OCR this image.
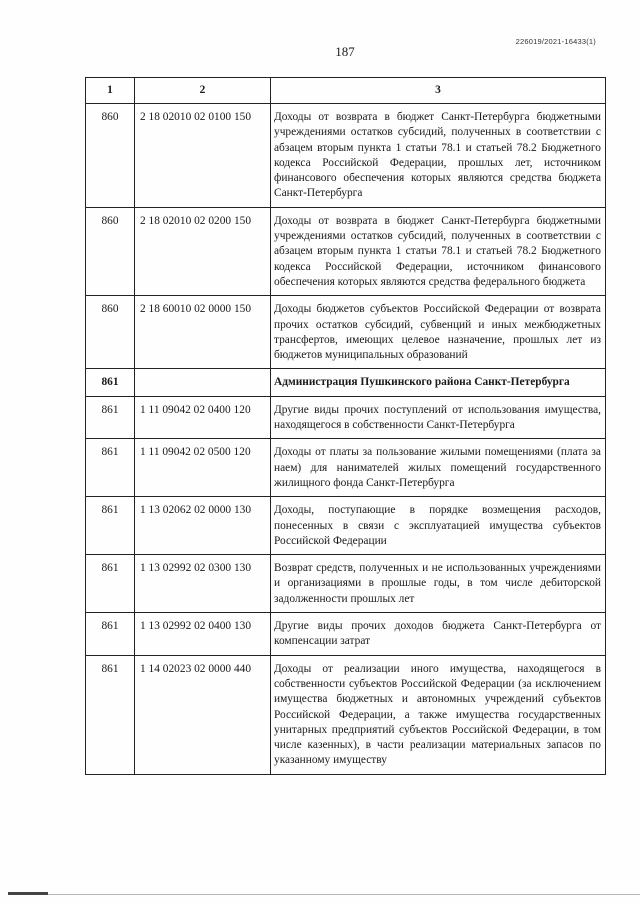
226019/2021-16433(1)
187
1	2	3
860	2 18 02010 02 0100 150	Доходы от возврата в бюджет Санкт-Петербурга бюджетными учреждениями остатков субсидий, полученных в соответствии с абзацем вторым пункта 1 статьи 78.1 и статьей 78.2 Бюджетного кодекса Российской Федерации, прошлых лет, источником финансового обеспечения которых являются средства бюджета Санкт-Петербурга
860	2 18 02010 02 0200 150	Доходы от возврата в бюджет Санкт-Петербурга бюджетными учреждениями остатков субсидий, полученных в соответствии с абзацем вторым пункта 1 статьи 78.1 и статьей 78.2 Бюджетного кодекса Российской Федерации, источником финансового обеспечения которых являются средства федерального бюджета
860	2 18 60010 02 0000 150	Доходы бюджетов субъектов Российской Федерации от возврата прочих остатков субсидий, субвенций и иных межбюджетных трансфертов, имеющих целевое назначение, прошлых лет из бюджетов муниципальных образований
861		Администрация Пушкинского района Санкт-Петербурга
861	1 11 09042 02 0400 120	Другие виды прочих поступлений от использования имущества, находящегося в собственности Санкт-Петербурга
861	1 11 09042 02 0500 120	Доходы от платы за пользование жилыми помещениями (плата за наем) для нанимателей жилых помещений государственного жилищного фонда Санкт-Петербурга
861	1 13 02062 02 0000 130	Доходы, поступающие в порядке возмещения расходов, понесенных в связи с эксплуатацией имущества субъектов Российской Федерации
861	1 13 02992 02 0300 130	Возврат средств, полученных и не использованных учреждениями и организациями в прошлые годы, в том числе дебиторской задолженности прошлых лет
861	1 13 02992 02 0400 130	Другие виды прочих доходов бюджета Санкт-Петербурга от компенсации затрат
861	1 14 02023 02 0000 440	Доходы от реализации иного имущества, находящегося в собственности субъектов Российской Федерации (за исключением имущества бюджетных и автономных учреждений субъектов Российской Федерации, а также имущества государственных унитарных предприятий субъектов Российской Федерации, в том числе казенных), в части реализации материальных запасов по указанному имуществу
